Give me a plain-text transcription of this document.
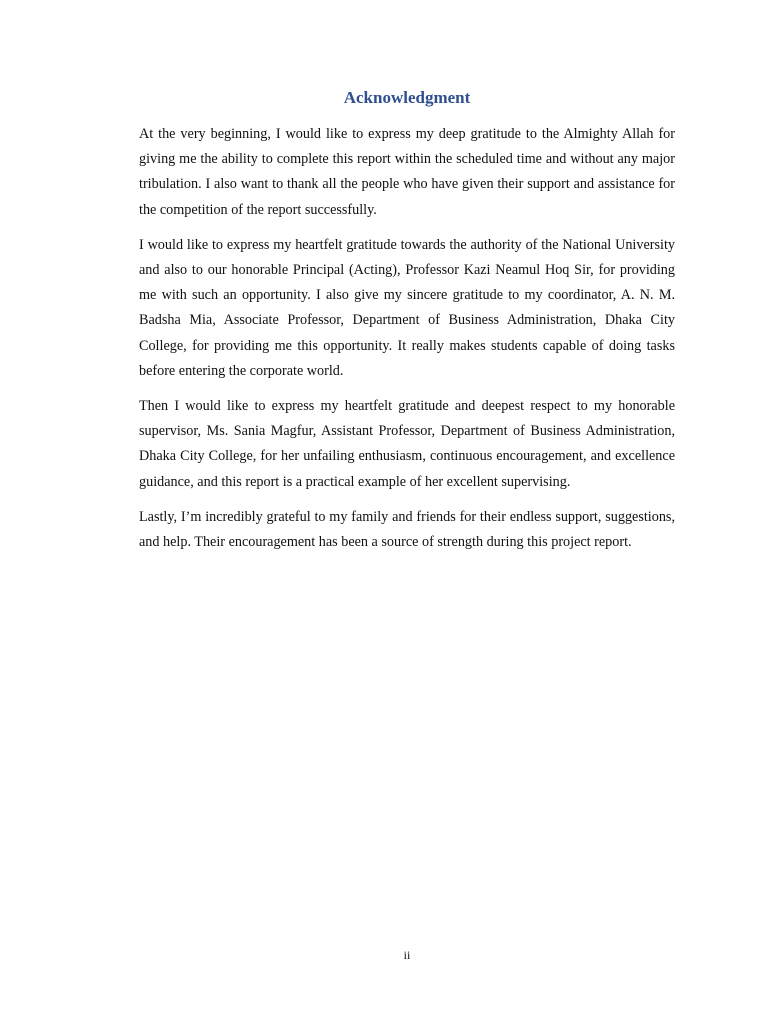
Acknowledgment

At the very beginning, I would like to express my deep gratitude to the Almighty Allah for giving me the ability to complete this report within the scheduled time and without any major tribulation. I also want to thank all the people who have given their support and assistance for the competition of the report successfully.

I would like to express my heartfelt gratitude towards the authority of the National University and also to our honorable Principal (Acting), Professor Kazi Neamul Hoq Sir, for providing me with such an opportunity. I also give my sincere gratitude to my coordinator, A. N. M. Badsha Mia, Associate Professor, Department of Business Administration, Dhaka City College, for providing me this opportunity. It really makes students capable of doing tasks before entering the corporate world.

Then I would like to express my heartfelt gratitude and deepest respect to my honorable supervisor, Ms. Sania Magfur, Assistant Professor, Department of Business Administration, Dhaka City College, for her unfailing enthusiasm, continuous encouragement, and excellence guidance, and this report is a practical example of her excellent supervising.

Lastly, I’m incredibly grateful to my family and friends for their endless support, suggestions, and help. Their encouragement has been a source of strength during this project report.

ii
